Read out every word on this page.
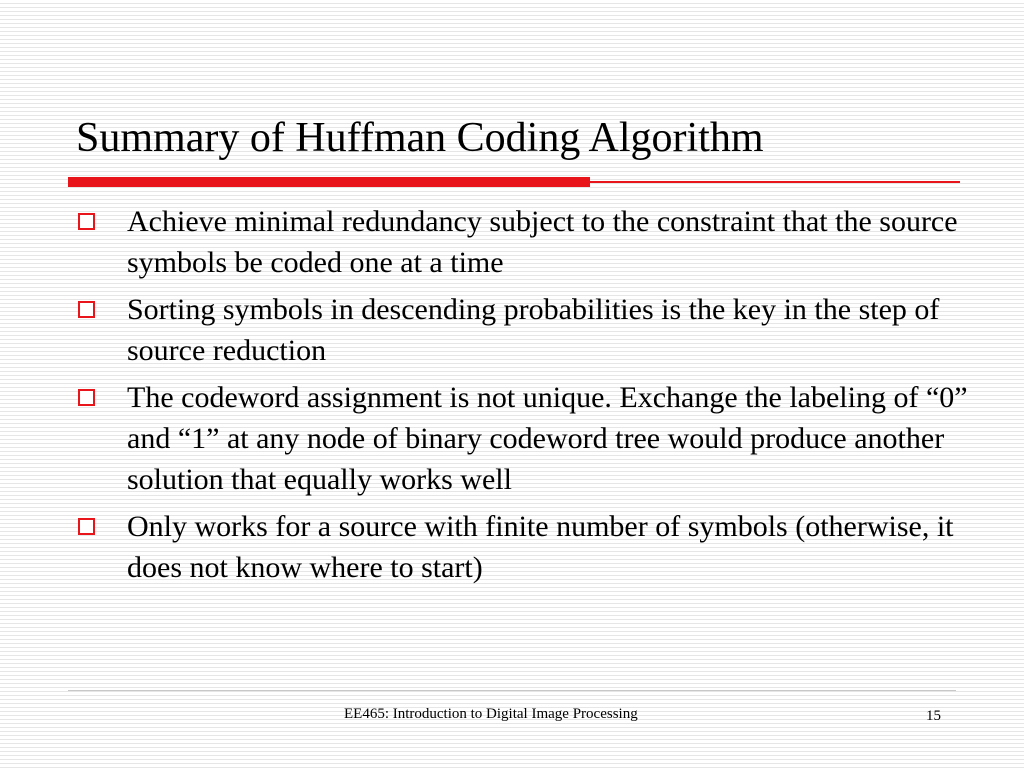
Summary of Huffman Coding Algorithm
Achieve minimal redundancy subject to the constraint that the source symbols be coded one at a time
Sorting symbols in descending probabilities is the key in the step of source reduction
The codeword assignment is not unique. Exchange the labeling of “0” and “1” at any node of binary codeword tree would produce another solution that equally works well
Only works for a source with finite number of symbols (otherwise, it does not know where to start)
EE465: Introduction to Digital Image Processing	15
